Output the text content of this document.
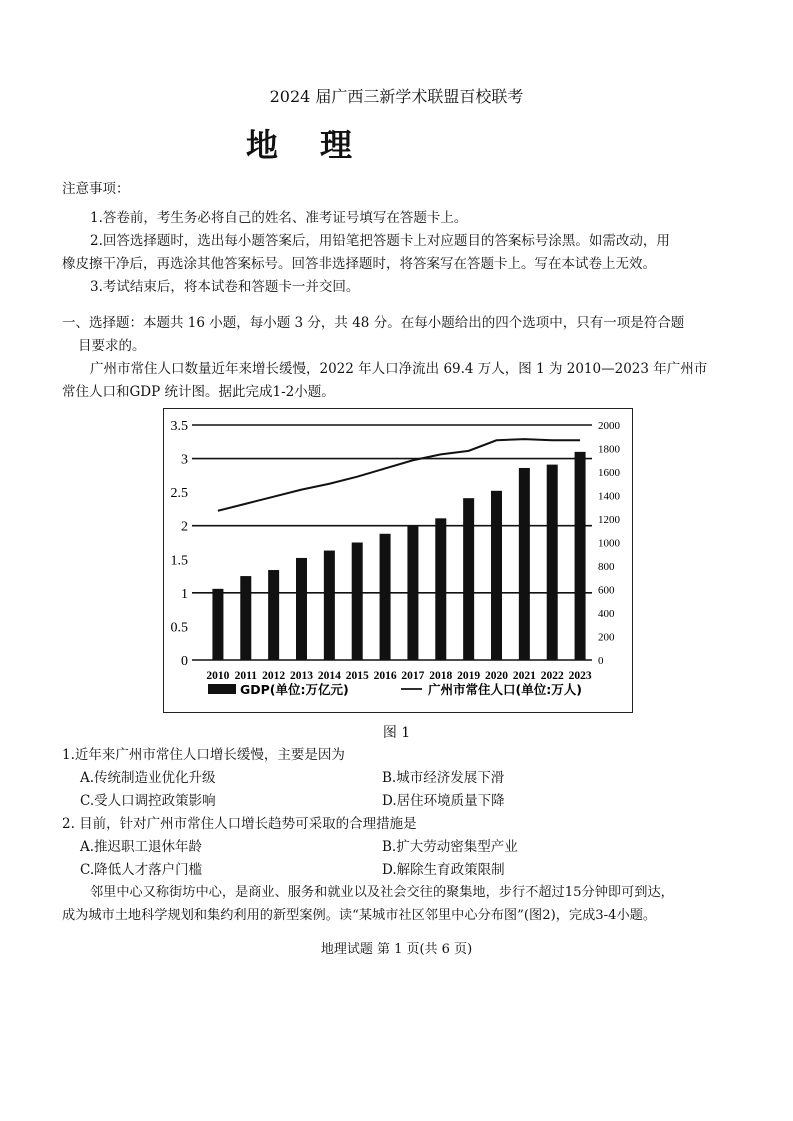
2024 届广西三新学术联盟百校联考
地理
注意事项：
1.答卷前，考生务必将自己的姓名、准考证号填写在答题卡上。
2.回答选择题时，选出每小题答案后，用铅笔把答题卡上对应题目的答案标号涂黑。如需改动，用
橡皮擦干净后，再选涂其他答案标号。回答非选择题时，将答案写在答题卡上。写在本试卷上无效。
3.考试结束后，将本试卷和答题卡一并交回。
一、选择题：本题共 16 小题，每小题 3 分，共 48 分。在每小题给出的四个选项中，只有一项是符合题
目要求的。
广州市常住人口数量近年来增长缓慢，2022 年人口净流出 69.4 万人，图 1 为 2010—2023 年广州市
常住人口和GDP 统计图。据此完成1-2小题。
0
0.5
1
1.5
2
2.5
3
3.5
0
200
400
600
800
1000
1200
1400
1600
1800
2000
2010 2011 2012 2013 2014 2015 2016 2017 2018 2019 2020 2021 2022 2023
GDP(单位:万亿元)	广州市常住人口(单位:万人)
图 1
1.近年来广州市常住人口增长缓慢，主要是因为
A.传统制造业优化升级	B.城市经济发展下滑
C.受人口调控政策影响	D.居住环境质量下降
2. 目前，针对广州市常住人口增长趋势可采取的合理措施是
A.推迟职工退休年龄	B.扩大劳动密集型产业
C.降低人才落户门槛	D.解除生育政策限制
邻里中心又称街坊中心，是商业、服务和就业以及社会交往的聚集地，步行不超过15分钟即可到达，
成为城市土地科学规划和集约利用的新型案例。读“某城市社区邻里中心分布图”(图2)，完成3-4小题。
地理试题 第 1 页(共 6 页)
